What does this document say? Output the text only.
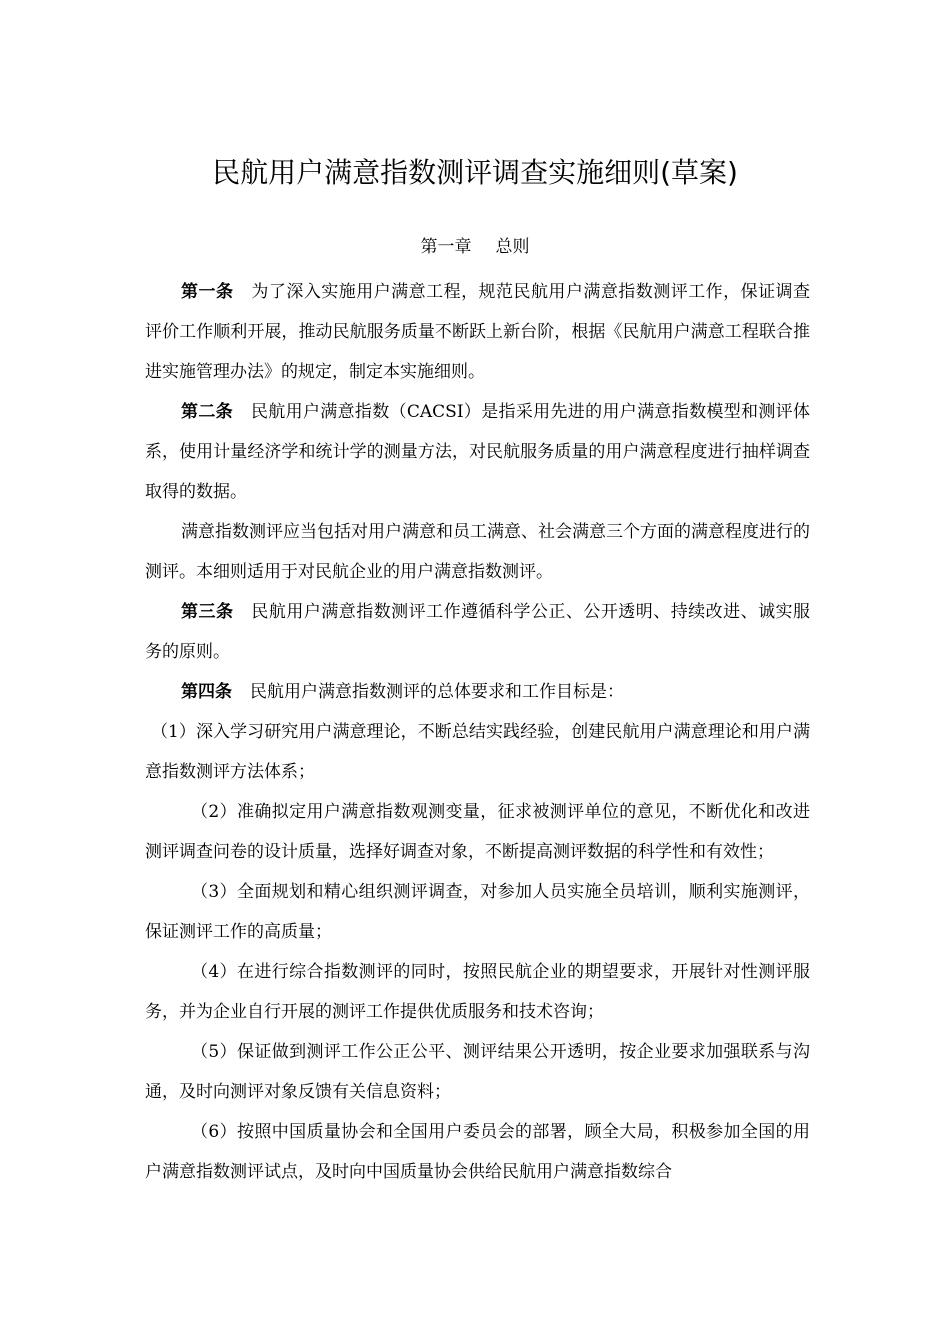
民航用户满意指数测评调查实施细则(草案)
第一章 总则

第一条 为了深入实施用户满意工程，规范民航用户满意指数测评工作，保证调查评价工作顺利开展，推动民航服务质量不断跃上新台阶，根据《民航用户满意工程联合推进实施管理办法》的规定，制定本实施细则。

第二条 民航用户满意指数（CACSI）是指采用先进的用户满意指数模型和测评体系，使用计量经济学和统计学的测量方法，对民航服务质量的用户满意程度进行抽样调查取得的数据。

满意指数测评应当包括对用户满意和员工满意、社会满意三个方面的满意程度进行的测评。本细则适用于对民航企业的用户满意指数测评。

第三条 民航用户满意指数测评工作遵循科学公正、公开透明、持续改进、诚实服务的原则。

第四条 民航用户满意指数测评的总体要求和工作目标是：

（1）深入学习研究用户满意理论，不断总结实践经验，创建民航用户满意理论和用户满意指数测评方法体系；

（2）准确拟定用户满意指数观测变量，征求被测评单位的意见，不断优化和改进测评调查问卷的设计质量，选择好调查对象，不断提高测评数据的科学性和有效性；

（3）全面规划和精心组织测评调查，对参加人员实施全员培训，顺利实施测评，保证测评工作的高质量；

（4）在进行综合指数测评的同时，按照民航企业的期望要求，开展针对性测评服务，并为企业自行开展的测评工作提供优质服务和技术咨询；

（5）保证做到测评工作公正公平、测评结果公开透明，按企业要求加强联系与沟通，及时向测评对象反馈有关信息资料；

（6）按照中国质量协会和全国用户委员会的部署，顾全大局，积极参加全国的用户满意指数测评试点，及时向中国质量协会供给民航用户满意指数综合
